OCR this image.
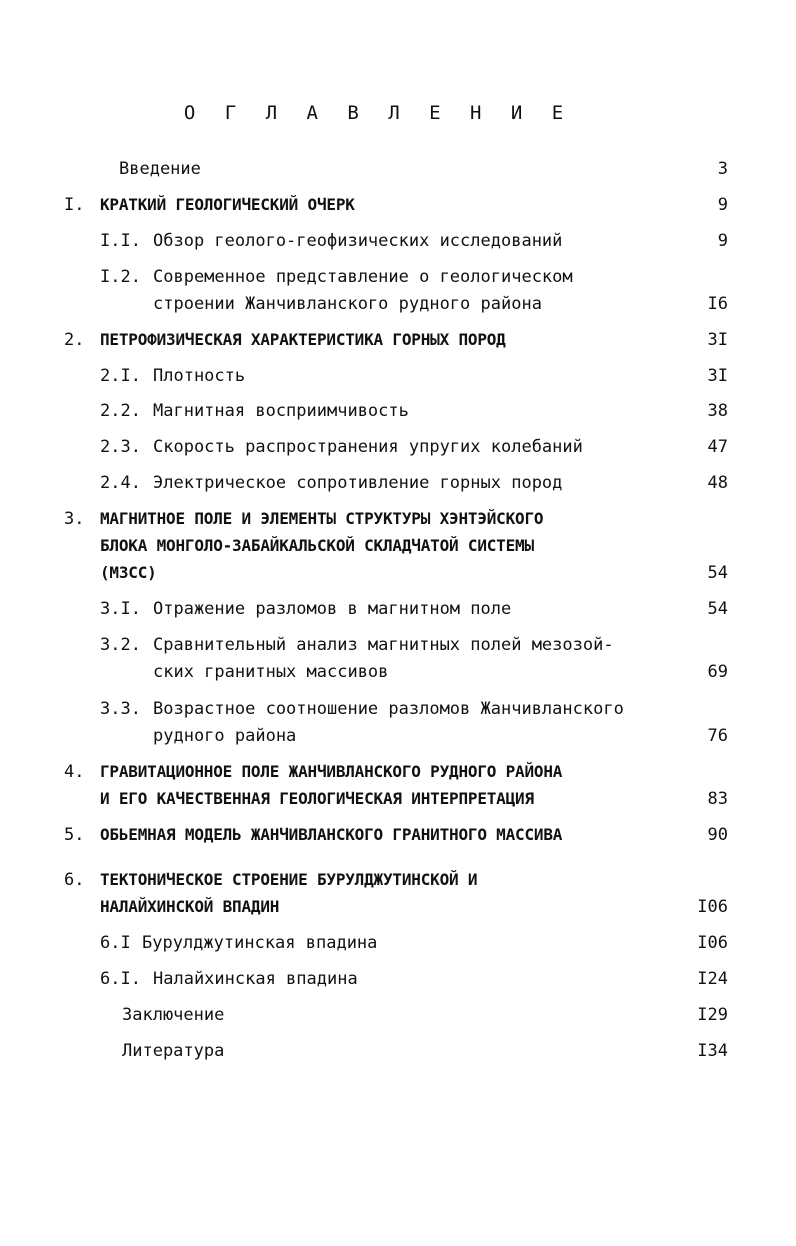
О Г Л А В Л Е Н И Е
Введение	3
I. КРАТКИЙ ГЕОЛОГИЧЕСКИЙ ОЧЕРК	9
I.I. Обзор геолого-геофизических исследований	9
I.2. Современное представление о геологическом
строении Жанчивланского рудного района	I6
2. ПЕТРОФИЗИЧЕСКАЯ ХАРАКТЕРИСТИКА ГОРНЫХ ПОРОД	3I
2.I. Плотность	3I
2.2. Магнитная восприимчивость	38
2.3. Скорость распространения упругих колебаний	47
2.4. Электрическое сопротивление горных пород	48
3. МАГНИТНОЕ ПОЛЕ И ЭЛЕМЕНТЫ СТРУКТУРЫ ХЭНТЭЙСКОГО
БЛОКА МОНГОЛО-ЗАБАЙКАЛЬСКОЙ СКЛАДЧАТОЙ СИСТЕМЫ
(МЗСС)	54
3.I. Отражение разломов в магнитном поле	54
3.2. Сравнительный анализ магнитных полей мезозой-
ских гранитных массивов	69
3.3. Возрастное соотношение разломов Жанчивланского
рудного района	76
4. ГРАВИТАЦИОННОЕ ПОЛЕ ЖАНЧИВЛАНСКОГО РУДНОГО РАЙОНА
И ЕГО КАЧЕСТВЕННАЯ ГЕОЛОГИЧЕСКАЯ ИНТЕРПРЕТАЦИЯ	83
5. ОБЬЕМНАЯ МОДЕЛЬ ЖАНЧИВЛАНСКОГО ГРАНИТНОГО МАССИВА	90
6. ТЕКТОНИЧЕСКОЕ СТРОЕНИЕ БУРУЛДЖУТИНСКОЙ И
НАЛАЙХИНСКОЙ ВПАДИН	I06
6.I Бурулджутинская впадина	I06
6.I. Налайхинская впадина	I24
Заключение	I29
Литература	I34
